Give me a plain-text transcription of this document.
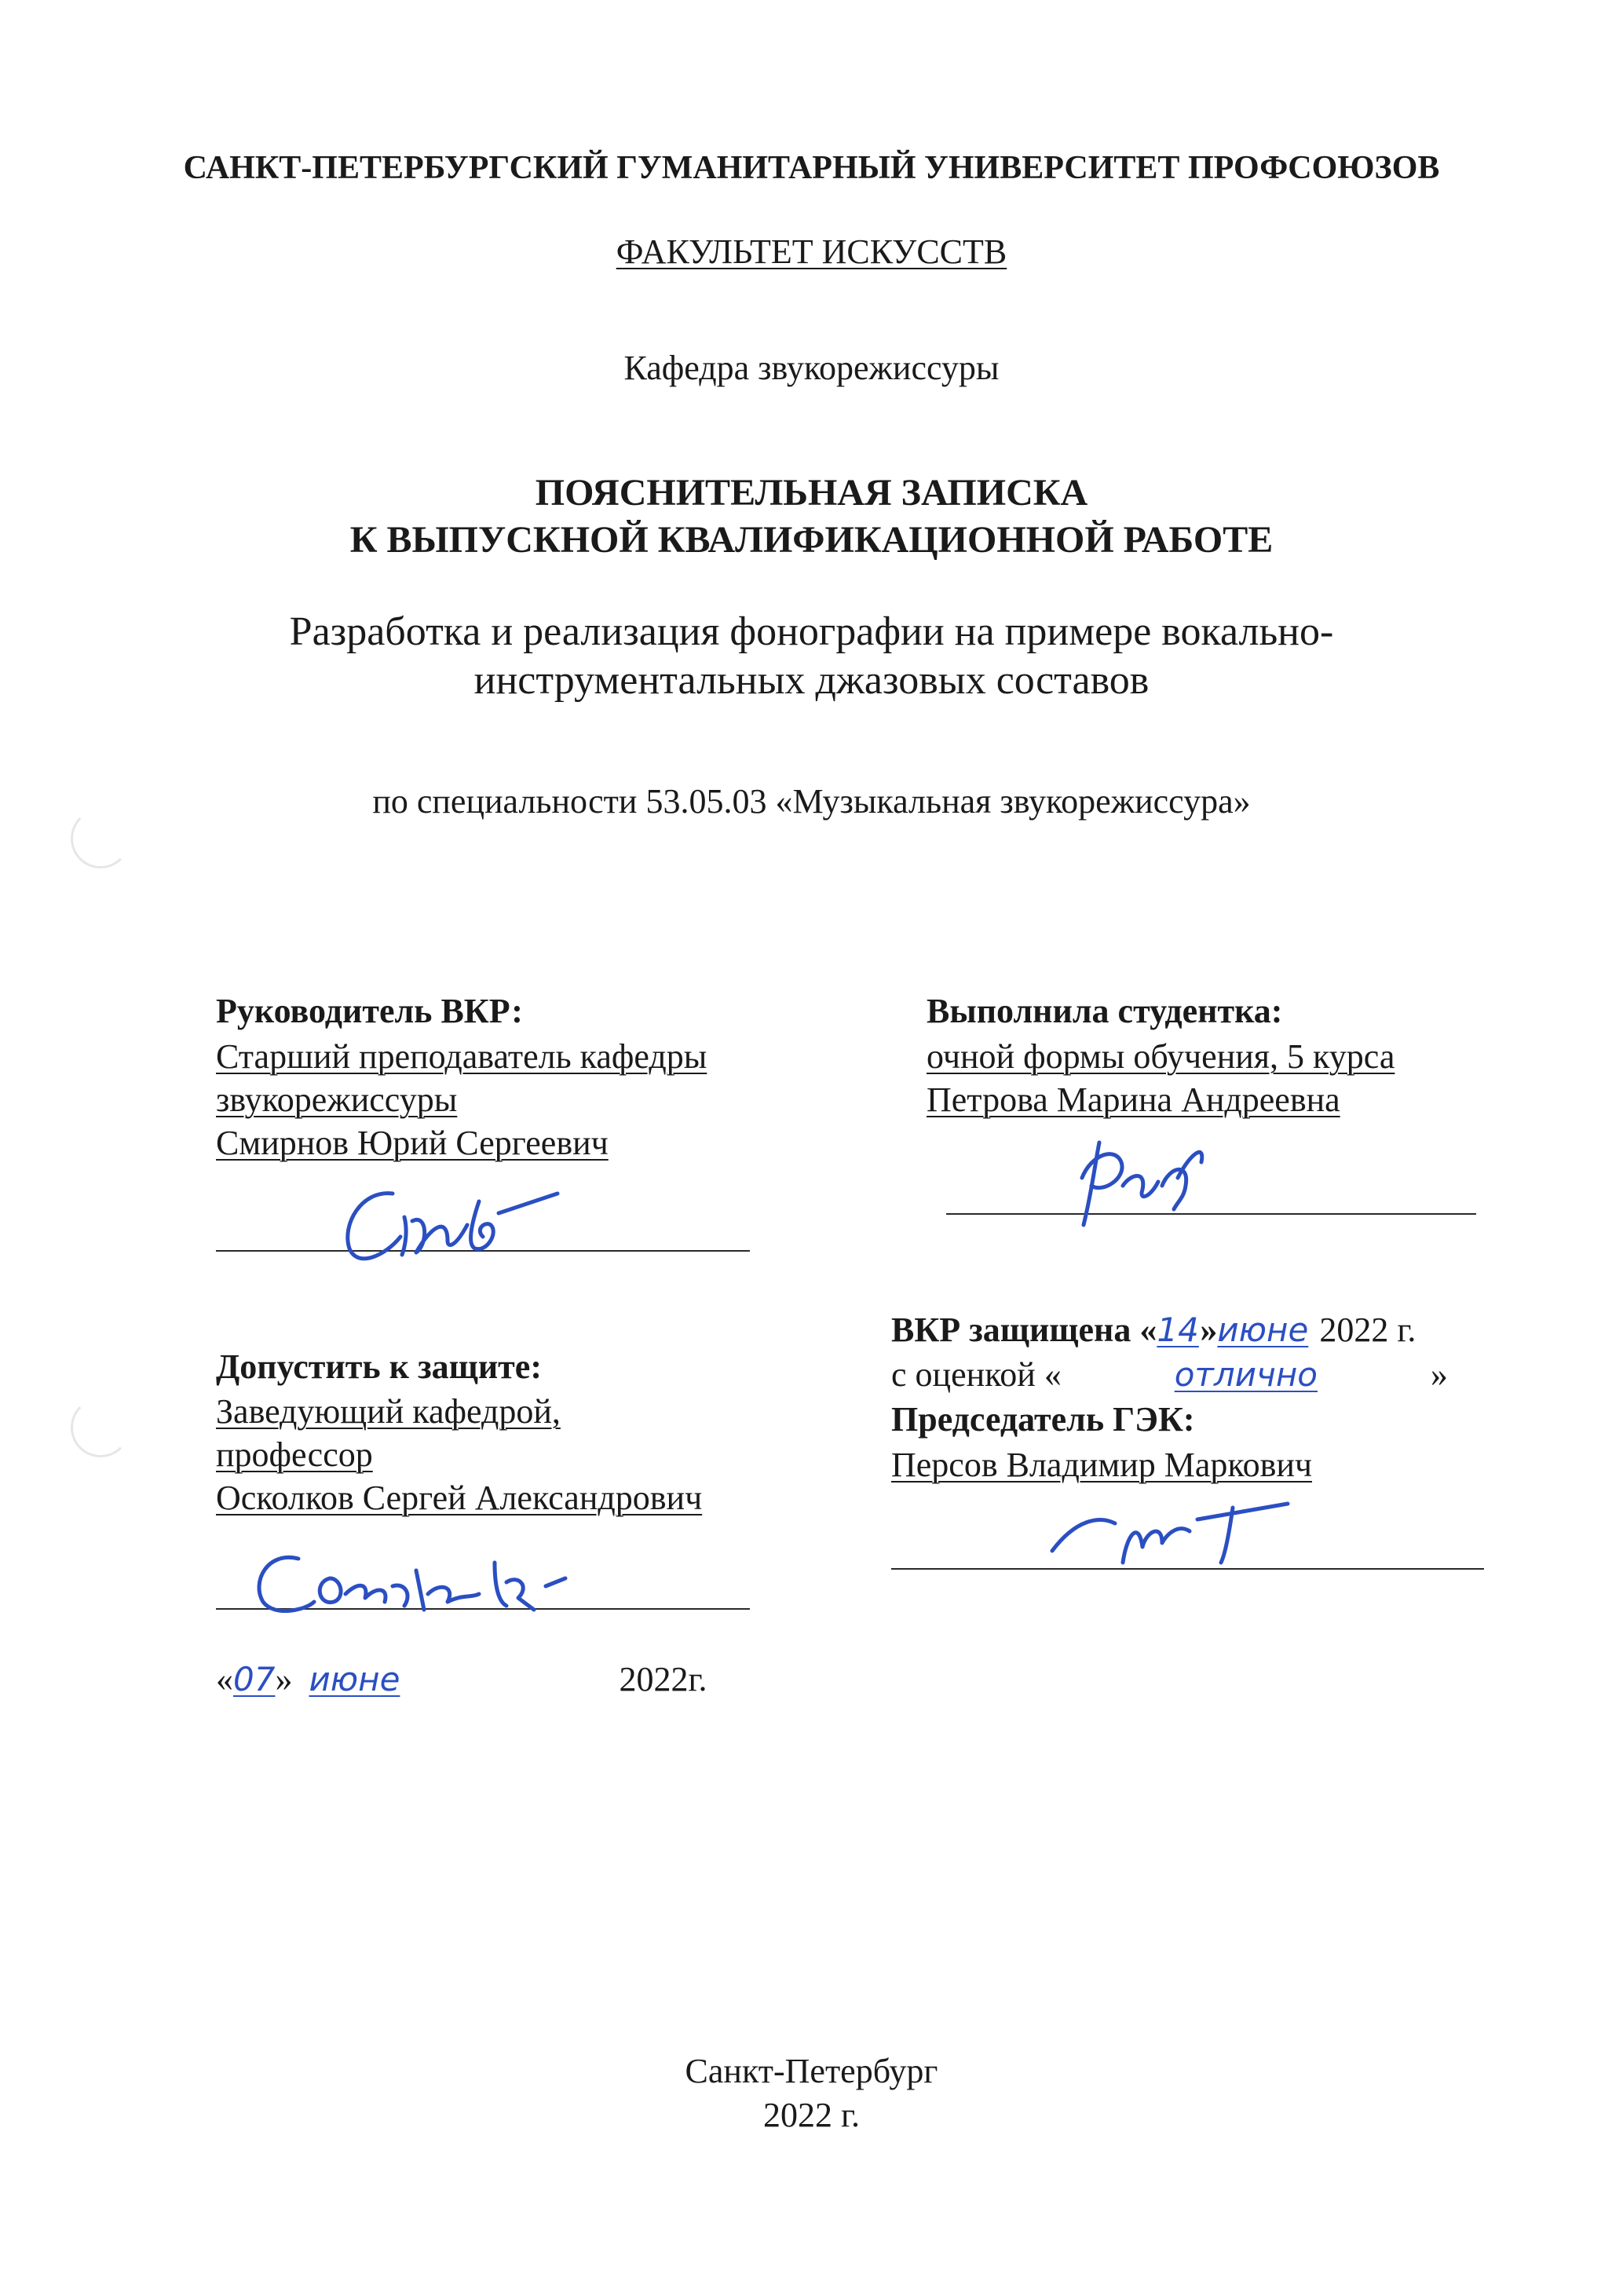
САНКТ-ПЕТЕРБУРГСКИЙ ГУМАНИТАРНЫЙ УНИВЕРСИТЕТ ПРОФСОЮЗОВ
ФАКУЛЬТЕТ ИСКУССТВ
Кафедра звукорежиссуры
ПОЯСНИТЕЛЬНАЯ ЗАПИСКА
К ВЫПУСКНОЙ КВАЛИФИКАЦИОННОЙ РАБОТЕ
Разработка и реализация фонографии на примере вокально-
инструментальных джазовых составов
по специальности 53.05.03 «Музыкальная звукорежиссура»
Руководитель ВКР:
Старший преподаватель кафедры
звукорежиссуры
Смирнов Юрий Сергеевич
Выполнила студентка:
очной формы обучения, 5 курса
Петрова Марина Андреевна
Допустить к защите:
Заведующий кафедрой,
профессор
Осколков Сергей Александрович
«07» июне	2022г.
ВКР защищена «14»июне 2022 г.
с оценкой «	отлично	»
Председатель ГЭК:
Персов Владимир Маркович
Санкт-Петербург
2022 г.
